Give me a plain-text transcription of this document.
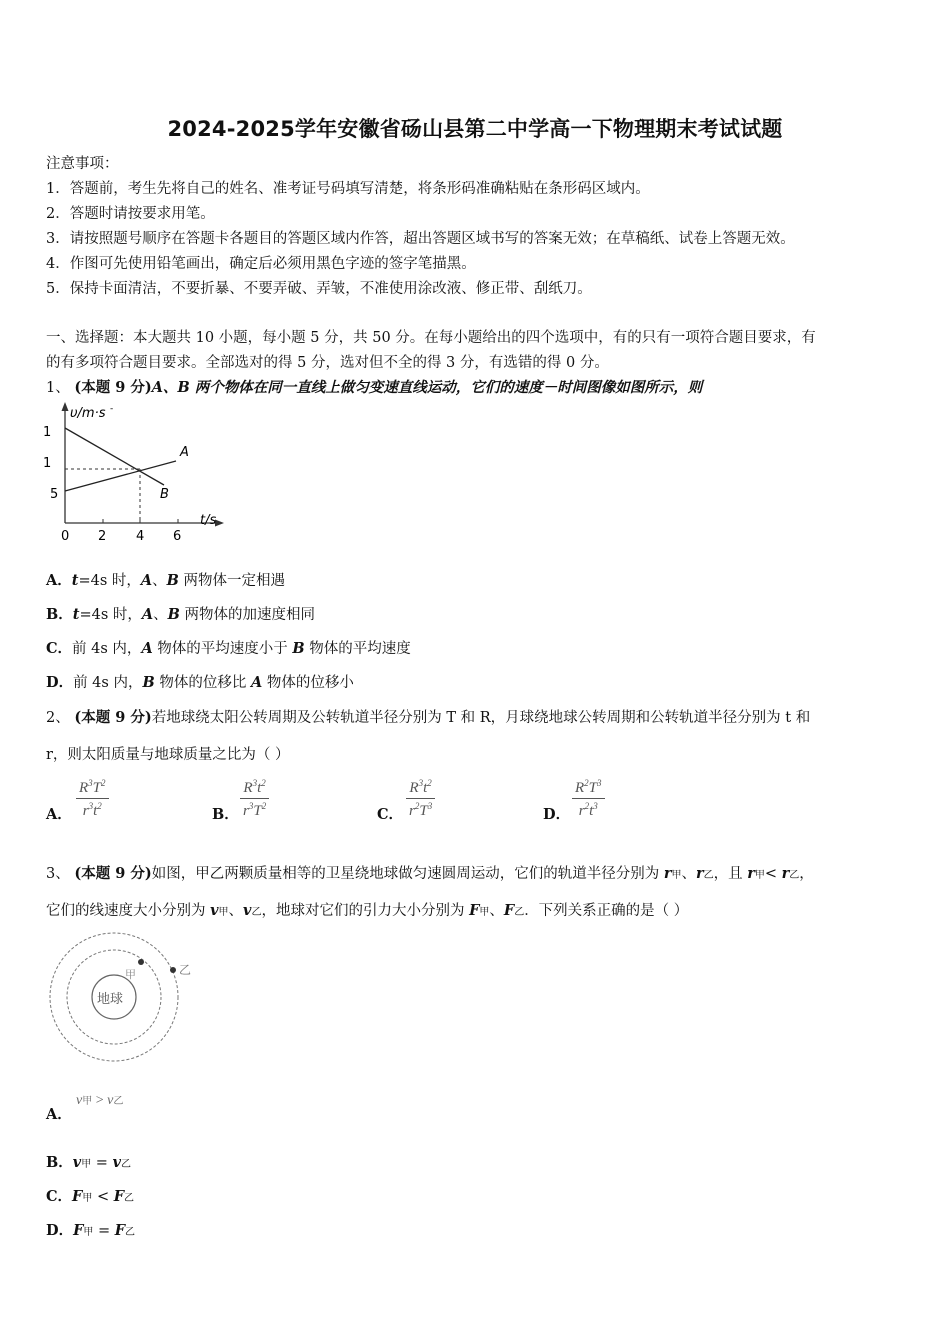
2024-2025学年安徽省砀山县第二中学高一下物理期末考试试题
注意事项：
1．答题前，考生先将自己的姓名、准考证号码填写清楚，将条形码准确粘贴在条形码区域内。
2．答题时请按要求用笔。
3．请按照题号顺序在答题卡各题目的答题区域内作答，超出答题区域书写的答案无效；在草稿纸、试卷上答题无效。
4．作图可先使用铅笔画出，确定后必须用黑色字迹的签字笔描黑。
5．保持卡面清洁，不要折暴、不要弄破、弄皱，不准使用涂改液、修正带、刮纸刀。
一、选择题：本大题共 10 小题，每小题 5 分，共 50 分。在每小题给出的四个选项中，有的只有一项符合题目要求，有
的有多项符合题目要求。全部选对的得 5 分，选对但不全的得 3 分，有选错的得 0 分。
1、 (本题 9 分)A、B 两个物体在同一直线上做匀变速直线运动，它们的速度－时间图像如图所示，则
υ/m·s -
t/s
1
1
5
0 2 4 6
A
B
A．t=4s 时，A、B 两物体一定相遇
B．t=4s 时，A、B 两物体的加速度相同
C．前 4s 内，A 物体的平均速度小于 B 物体的平均速度
D．前 4s 内，B 物体的位移比 A 物体的位移小
2、 (本题 9 分)若地球绕太阳公转周期及公转轨道半径分别为 T 和 R，月球绕地球公转周期和公转轨道半径分别为 t 和
r，则太阳质量与地球质量之比为（ ）
A．
$R^3T^2$
$r^3t^2$	B．
$R^3t^2$
$r^3T^2$	C．
$R^3t^2$
$r^2T^3$	D．
$R^2T^3$
$r^2t^3$
3、 (本题 9 分)如图，甲乙两颗质量相等的卫星绕地球做匀速圆周运动，它们的轨道半径分别为 r甲、r乙，且 r甲< r乙，
它们的线速度大小分别为 v甲、v乙，地球对它们的引力大小分别为 F甲、F乙．下列关系正确的是（ ）
地球
甲	乙
A．
v甲 > v乙
B．v甲 = v乙
C．F甲 < F乙
D．F甲 = F乙
